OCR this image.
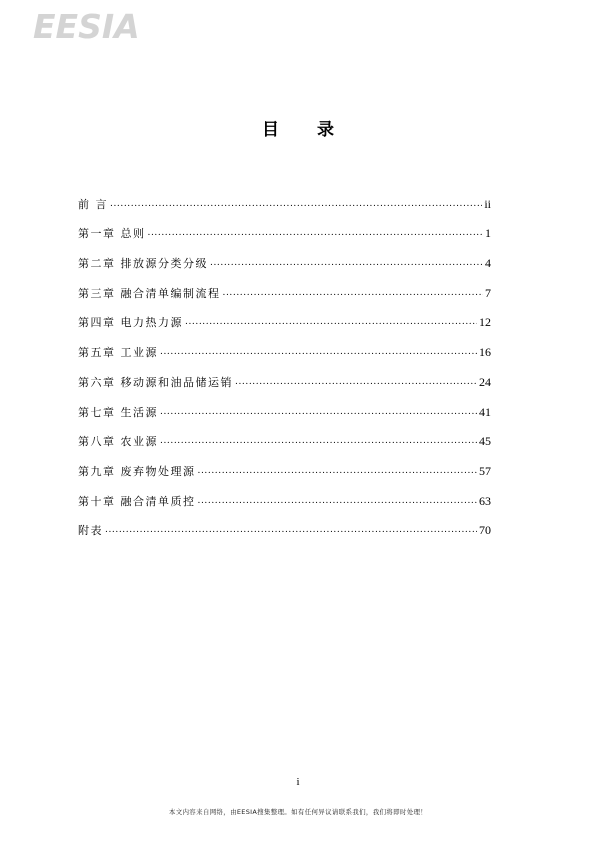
EESIA
目 录
前 言 .....	ii
第一章 总则 .....	1
第二章 排放源分类分级 .....	4
第三章 融合清单编制流程 .....	7
第四章 电力热力源 .....	12
第五章 工业源 .....	16
第六章 移动源和油品储运销 .....	24
第七章 生活源 .....	41
第八章 农业源 .....	45
第九章 废弃物处理源 .....	57
第十章 融合清单质控 .....	63
附表 .....	70
i
本文内容来自网络，由EESIA搜集整理。如有任何异议请联系我们，我们将即时处理！
